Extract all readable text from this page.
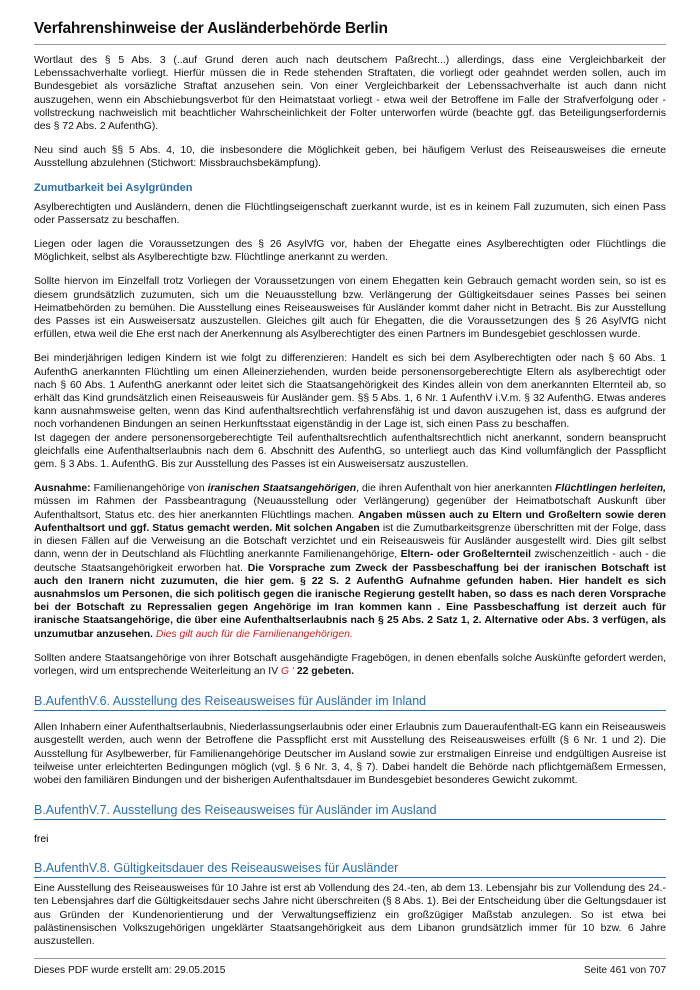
Verfahrenshinweise der Ausländerbehörde Berlin

Wortlaut des § 5 Abs. 3 (..auf Grund deren auch nach deutschem Paßrecht...) allerdings, dass eine Vergleichbarkeit der Lebenssachverhalte vorliegt. Hierfür müssen die in Rede stehenden Straftaten, die vorliegt oder geahndet werden sollen, auch im Bundesgebiet als vorsäzliche Straftat anzusehen sein. Von einer Vergleichbarkeit der Lebenssachverhalte ist auch dann nicht auszugehen, wenn ein Abschiebungsverbot für den Heimatstaat vorliegt - etwa weil der Betroffene im Falle der Strafverfolgung oder -vollstreckung nachweislich mit beachtlicher Wahrscheinlichkeit der Folter unterworfen würde (beachte ggf. das Beteiligungserfordernis des § 72 Abs. 2 AufenthG).

Neu sind auch §§ 5 Abs. 4, 10, die insbesondere die Möglichkeit geben, bei häufigem Verlust des Reiseausweises die erneute Ausstellung abzulehnen (Stichwort: Missbrauchsbekämpfung).

Zumutbarkeit bei Asylgründen

Asylberechtigten und Ausländern, denen die Flüchtlingseigenschaft zuerkannt wurde, ist es in keinem Fall zuzumuten, sich einen Pass oder Passersatz zu beschaffen.

Liegen oder lagen die Voraussetzungen des § 26 AsylVfG vor, haben der Ehegatte eines Asylberechtigten oder Flüchtlings die Möglichkeit, selbst als Asylberechtigte bzw. Flüchtlinge anerkannt zu werden.

Sollte hiervon im Einzelfall trotz Vorliegen der Voraussetzungen von einem Ehegatten kein Gebrauch gemacht worden sein, so ist es diesem grundsätzlich zuzumuten, sich um die Neuausstellung bzw. Verlängerung der Gültigkeitsdauer seines Passes bei seinen Heimatbehörden zu bemühen. Die Ausstellung eines Reiseausweises für Ausländer kommt daher nicht in Betracht. Bis zur Ausstellung des Passes ist ein Ausweisersatz auszustellen. Gleiches gilt auch für Ehegatten, die die Voraussetzungen des § 26 AsylVfG nicht erfüllen, etwa weil die Ehe erst nach der Anerkennung als Asylberechtigter des einen Partners im Bundesgebiet geschlossen wurde.

Bei minderjährigen ledigen Kindern ist wie folgt zu differenzieren: Handelt es sich bei dem Asylberechtigten oder nach § 60 Abs. 1 AufenthG anerkannten Flüchtling um einen Alleinerziehenden, wurden beide personensorgeberechtigte Eltern als asylberechtigt oder nach § 60 Abs. 1 AufenthG anerkannt oder leitet sich die Staatsangehörigkeit des Kindes allein von dem anerkannten Elternteil ab, so erhält das Kind grundsätzlich einen Reiseausweis für Ausländer gem. §§ 5 Abs. 1, 6 Nr. 1 AufenthV i.V.m. § 32 AufenthG. Etwas anderes kann ausnahmsweise gelten, wenn das Kind aufenthaltsrechtlich verfahrensfähig ist und davon auszugehen ist, dass es aufgrund der noch vorhandenen Bindungen an seinen Herkunftsstaat eigenständig in der Lage ist, sich einen Pass zu beschaffen.

Ist dagegen der andere personensorgeberechtigte Teil aufenthaltsrechtlich aufenthaltsrechtlich nicht anerkannt, sondern beansprucht gleichfalls eine Aufenthaltserlaubnis nach dem 6. Abschnitt des AufenthG, so unterliegt auch das Kind vollumfänglich der Passpflicht gem. § 3 Abs. 1. AufenthG. Bis zur Ausstellung des Passes ist ein Ausweisersatz auszustellen.

Ausnahme: Familienangehörige von iranischen Staatsangehörigen, die ihren Aufenthalt von hier anerkannten Flüchtlingen herleiten, müssen im Rahmen der Passbeantragung (Neuausstellung oder Verlängerung) gegenüber der Heimatbotschaft Auskunft über Aufenthaltsort, Status etc. des hier anerkannten Flüchtlings machen. Angaben müssen auch zu Eltern und Großeltern sowie deren Aufenthaltsort und ggf. Status gemacht werden. Mit solchen Angaben ist die Zumutbarkeitsgrenze überschritten mit der Folge, dass in diesen Fällen auf die Verweisung an die Botschaft verzichtet und ein Reiseausweis für Ausländer ausgestellt wird. Dies gilt selbst dann, wenn der in Deutschland als Flüchtling anerkannte Familienangehörige, Eltern- oder Großelternteil zwischenzeitlich - auch - die deutsche Staatsangehörigkeit erworben hat. Die Vorsprache zum Zweck der Passbeschaffung bei der iranischen Botschaft ist auch den Iranern nicht zuzumuten, die hier gem. § 22 S. 2 AufenthG Aufnahme gefunden haben. Hier handelt es sich ausnahmslos um Personen, die sich politisch gegen die iranische Regierung gestellt haben, so dass es nach deren Vorsprache bei der Botschaft zu Repressalien gegen Angehörige im Iran kommen kann . Eine Passbeschaffung ist derzeit auch für iranische Staatsangehörige, die über eine Aufenthaltserlaubnis nach § 25 Abs. 2 Satz 1, 2. Alternative oder Abs. 3 verfügen, als unzumutbar anzusehen. Dies gilt auch für die Familienangehörigen.
Sollten andere Staatsangehörige von ihrer Botschaft ausgehändigte Fragebögen, in denen ebenfalls solche Auskünfte gefordert werden, vorlegen, wird um entsprechende Weiterleitung an IV G ' 22 gebeten.
B.AufenthV.6. Ausstellung des Reiseausweises für Ausländer im Inland

Allen Inhabern einer Aufenthaltserlaubnis, Niederlassungserlaubnis oder einer Erlaubnis zum Daueraufenthalt-EG kann ein Reiseausweis ausgestellt werden, auch wenn der Betroffene die Passpflicht erst mit Ausstellung des Reiseausweises erfüllt (§ 6 Nr. 1 und 2). Die Ausstellung für Asylbewerber, für Familienangehörige Deutscher im Ausland sowie zur erstmaligen Einreise und endgültigen Ausreise ist teilweise unter erleichterten Bedingungen möglich (vgl. § 6 Nr. 3, 4, § 7). Dabei handelt die Behörde nach pflichtgemäßem Ermessen, wobei den familiären Bindungen und der bisherigen Aufenthaltsdauer im Bundesgebiet besonderes Gewicht zukommt.

B.AufenthV.7. Ausstellung des Reiseausweises für Ausländer im Ausland
frei
B.AufenthV.8. Gültigkeitsdauer des Reiseausweises für Ausländer

Eine Ausstellung des Reiseausweises für 10 Jahre ist erst ab Vollendung des 24.-ten, ab dem 13. Lebensjahr bis zur Vollendung des 24.-ten Lebensjahres darf die Gültigkeitsdauer sechs Jahre nicht überschreiten (§ 8 Abs. 1). Bei der Entscheidung über die Geltungsdauer ist aus Gründen der Kundenorientierung und der Verwaltungseffizienz ein großzügiger Maßstab anzulegen. So ist etwa bei palästinensischen Volkszugehörigen ungeklärter Staatsangehörigkeit aus dem Libanon grundsätzlich immer für 10 bzw. 6 Jahre auszustellen.

Dieses PDF wurde erstellt am: 29.05.2015	Seite 461 von 707
